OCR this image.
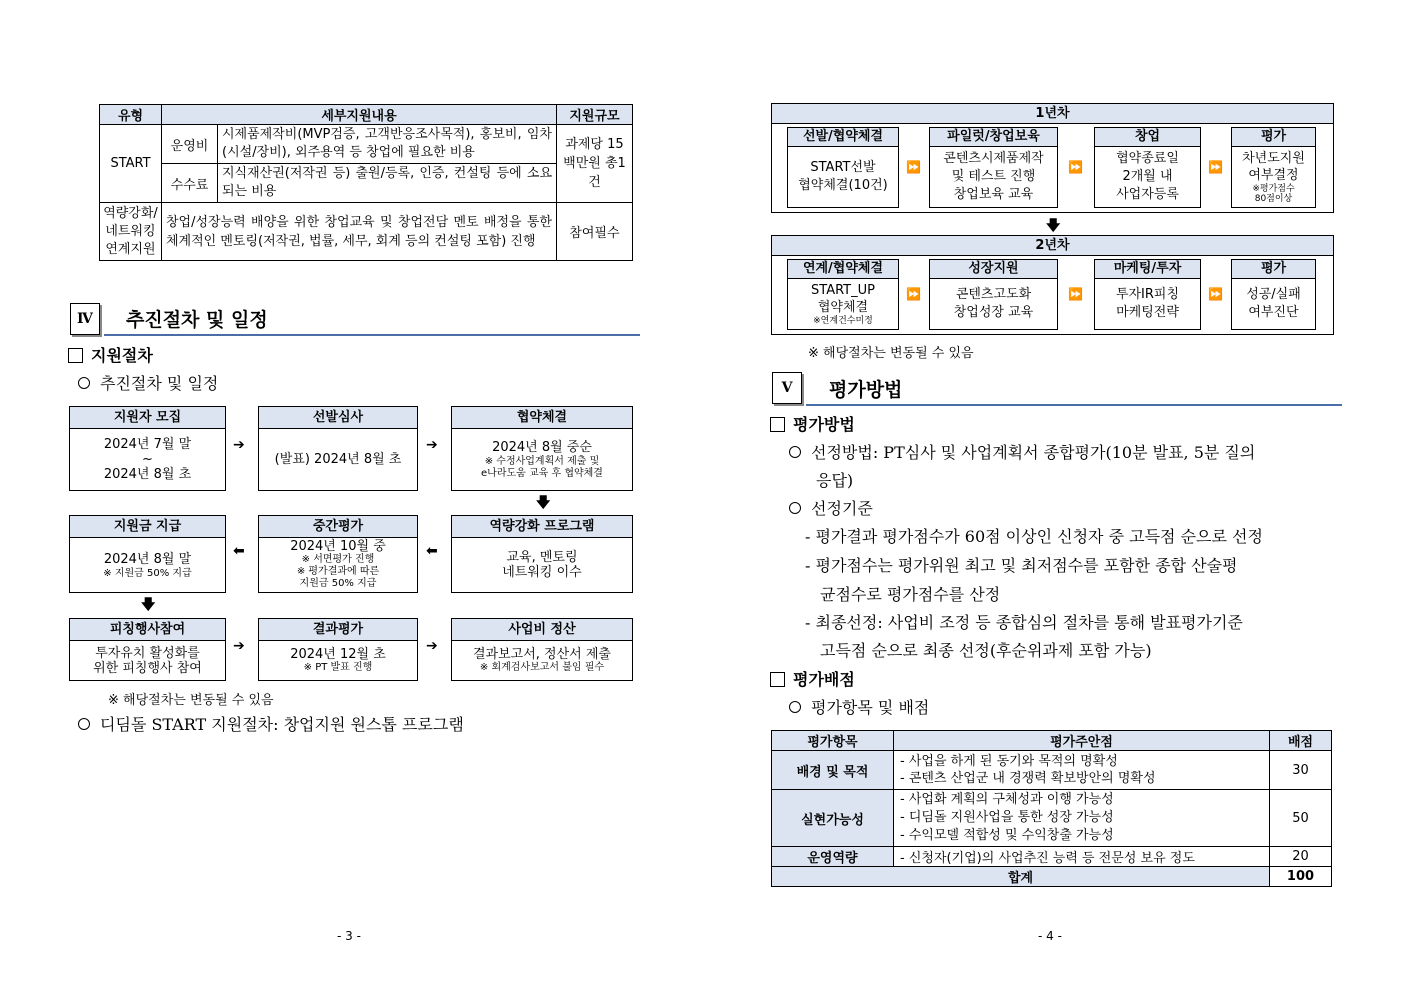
유형	세부지원내용		지원규모
START	운영비	시제품제작비(MVP검증, 고객반응조사목적), 홍보비, 임차(시설/장비), 외주용역 등 창업에 필요한 비용	과제당 15백만원 총1건
	수수료	지식재산권(저작권 등) 출원/등록, 인증, 컨설팅 등에 소요되는 비용	
역량강화/네트워킹 연계지원	창업/성장능력 배양을 위한 창업교육 및 창업전담 멘토 배정을 통한 체계적인 멘토링(저작권, 법률, 세무, 회계 등의 컨설팅 포함) 진행		참여필수
Ⅳ	추진절차 및 일정
지원절차
추진절차 및 일정
지원자 모집
2024년 7월 말
~
2024년 8월 초
➔
선발심사
(발표) 2024년 8월 초
➔
협약체결
2024년 8월 중순
※ 수정사업계획서 제출 및
e나라도움 교육 후 협약체결
🡇
지원금 지급
2024년 8월 말
※ 지원금 50% 지급
⬅
중간평가
2024년 10월 중
※ 서면평가 진행
※ 평가결과에 따른
지원금 50% 지급
⬅
역량강화 프로그램
교육, 멘토링
네트워킹 이수
🡇
피칭행사참여
투자유치 활성화를
위한 피칭행사 참여
➔
결과평가
2024년 12월 초
※ PT 발표 진행
➔
사업비 정산
결과보고서, 정산서 제출
※ 회계검사보고서 불임 필수
※ 해당절차는 변동될 수 있음
디딤돌 START 지원절차: 창업지원 원스톱 프로그램
- 3 -
1년차
선발/협약체결
START선발
협약체결(10건)
⏩
파일럿/창업보육
콘텐츠시제품제작
및 테스트 진행
창업보육 교육
⏩
창업
협약종료일
2개월 내
사업자등록
⏩
평가
차년도지원
여부결정
※평가점수
80점이상
🡇
2년차
연계/협약체결
START_UP
협약체결
※연계건수미정
⏩
성장지원
콘텐츠고도화
창업성장 교육
⏩
마케팅/투자
투자IR피칭
마케팅전략
⏩
평가
성공/실패
여부진단
※ 해당절차는 변동될 수 있음
Ⅴ	평가방법
평가방법
선정방법: PT심사 및 사업계획서 종합평가(10분 발표, 5분 질의
응답)
선정기준
- 평가결과 평가점수가 60점 이상인 신청자 중 고득점 순으로 선정
- 평가점수는 평가위원 최고 및 최저점수를 포함한 종합 산술평
균점수로 평가점수를 산정
- 최종선정: 사업비 조정 등 종합심의 절차를 통해 발표평가기준
고득점 순으로 최종 선정(후순위과제 포함 가능)
평가배점
평가항목 및 배점
평가항목	평가주안점	배점
배경 및 목적	- 사업을 하게 된 동기와 목적의 명확성
- 콘텐츠 산업군 내 경쟁력 확보방안의 명확성	30
실현가능성	- 사업화 계획의 구체성과 이행 가능성
- 디딤돌 지원사업을 통한 성장 가능성
- 수익모델 적합성 및 수익창출 가능성	50
운영역량	- 신청자(기업)의 사업추진 능력 등 전문성 보유 정도	20
합계		100
- 4 -
